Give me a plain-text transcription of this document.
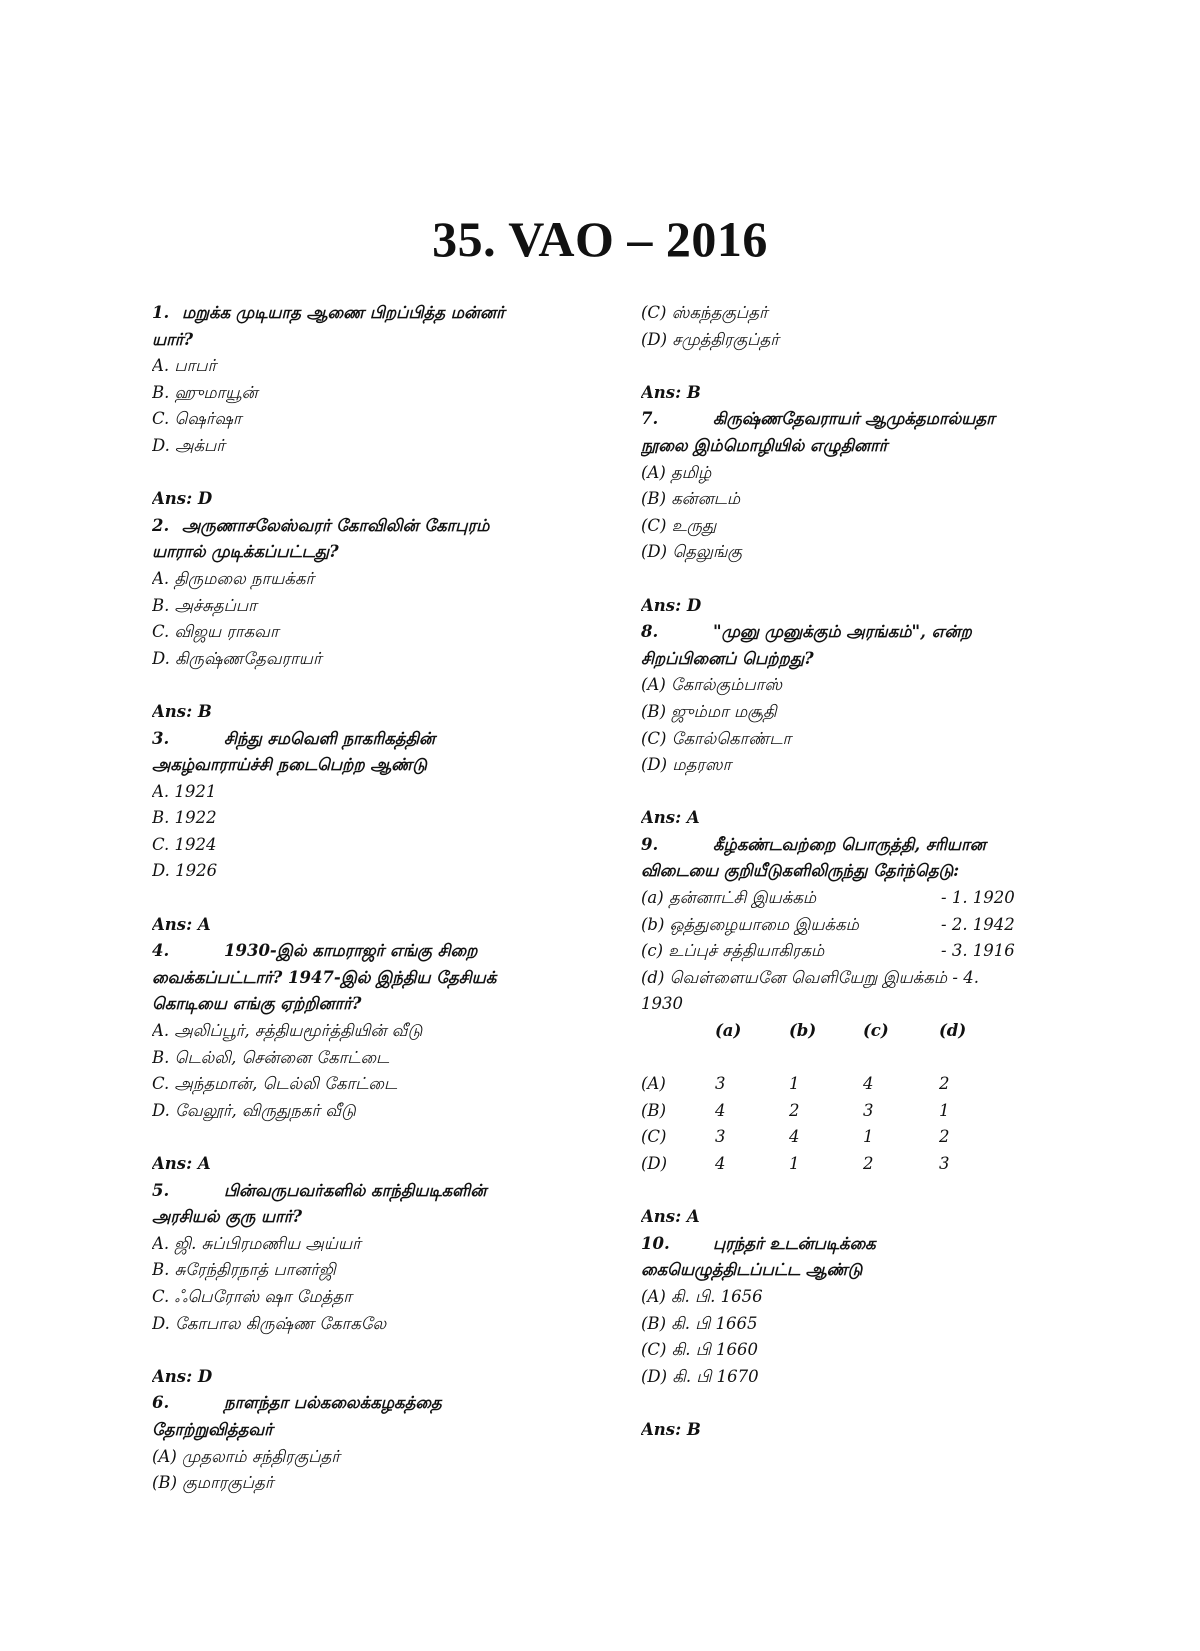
35. VAO – 2016
1. மறுக்க முடியாத ஆணை பிறப்பித்த மன்னர்
யார்?
A. பாபர்
B. ஹுமாயூன்
C. ஷெர்ஷா
D. அக்பர்
Ans: D
2. அருணாசலேஸ்வரர் கோவிலின் கோபுரம்
யாரால் முடிக்கப்பட்டது?
A. திருமலை நாயக்கர்
B. அச்சுதப்பா
C. விஜய ராகவா
D. கிருஷ்ணதேவராயர்
Ans: B
3.	சிந்து சமவெளி நாகரிகத்தின்
அகழ்வாராய்ச்சி நடைபெற்ற ஆண்டு
A. 1921
B. 1922
C. 1924
D. 1926
Ans: A
4.	1930-இல் காமராஜர் எங்கு சிறை
வைக்கப்பட்டார்? 1947-இல் இந்திய தேசியக்
கொடியை எங்கு ஏற்றினார்?
A. அலிப்பூர், சத்தியமூர்த்தியின் வீடு
B. டெல்லி, சென்னை கோட்டை
C. அந்தமான், டெல்லி கோட்டை
D. வேலூர், விருதுநகர் வீடு
Ans: A
5.	பின்வருபவர்களில் காந்தியடிகளின்
அரசியல் குரு யார்?
A. ஜி. சுப்பிரமணிய அய்யர்
B. சுரேந்திரநாத் பானர்ஜி
C. ஃபெரோஸ் ஷா மேத்தா
D. கோபால கிருஷ்ண கோகலே
Ans: D
6.	நாளந்தா பல்கலைக்கழகத்தை
தோற்றுவித்தவர்
(A) முதலாம் சந்திரகுப்தர்
(B) குமாரகுப்தர்
(C) ஸ்கந்தகுப்தர்
(D) சமுத்திரகுப்தர்
Ans: B
7.	கிருஷ்ணதேவராயர் ஆமுக்தமால்யதா
நூலை இம்மொழியில் எழுதினார்
(A) தமிழ்
(B) கன்னடம்
(C) உருது
(D) தெலுங்கு
Ans: D
8.	"முனு முனுக்கும் அரங்கம்", என்ற
சிறப்பினைப் பெற்றது?
(A) கோல்கும்பாஸ்
(B) ஜும்மா மசூதி
(C) கோல்கொண்டா
(D) மதரஸா
Ans: A
9.	கீழ்கண்டவற்றை பொருத்தி, சரியான
விடையை குறியீடுகளிலிருந்து தேர்ந்தெடு:
(a) தன்னாட்சி இயக்கம்	- 1. 1920
(b) ஒத்துழையாமை இயக்கம்	- 2. 1942
(c) உப்புச் சத்தியாகிரகம்	- 3. 1916
(d) வெள்ளையனே வெளியேறு இயக்கம் - 4.
1930
(a)	(b)	(c)	(d)
(A)	3	1	4	2
(B)	4	2	3	1
(C)	3	4	1	2
(D)	4	1	2	3
Ans: A
10.	புரந்தர் உடன்படிக்கை
கையெழுத்திடப்பட்ட ஆண்டு
(A) கி. பி. 1656
(B) கி. பி 1665
(C) கி. பி 1660
(D) கி. பி 1670
Ans: B
